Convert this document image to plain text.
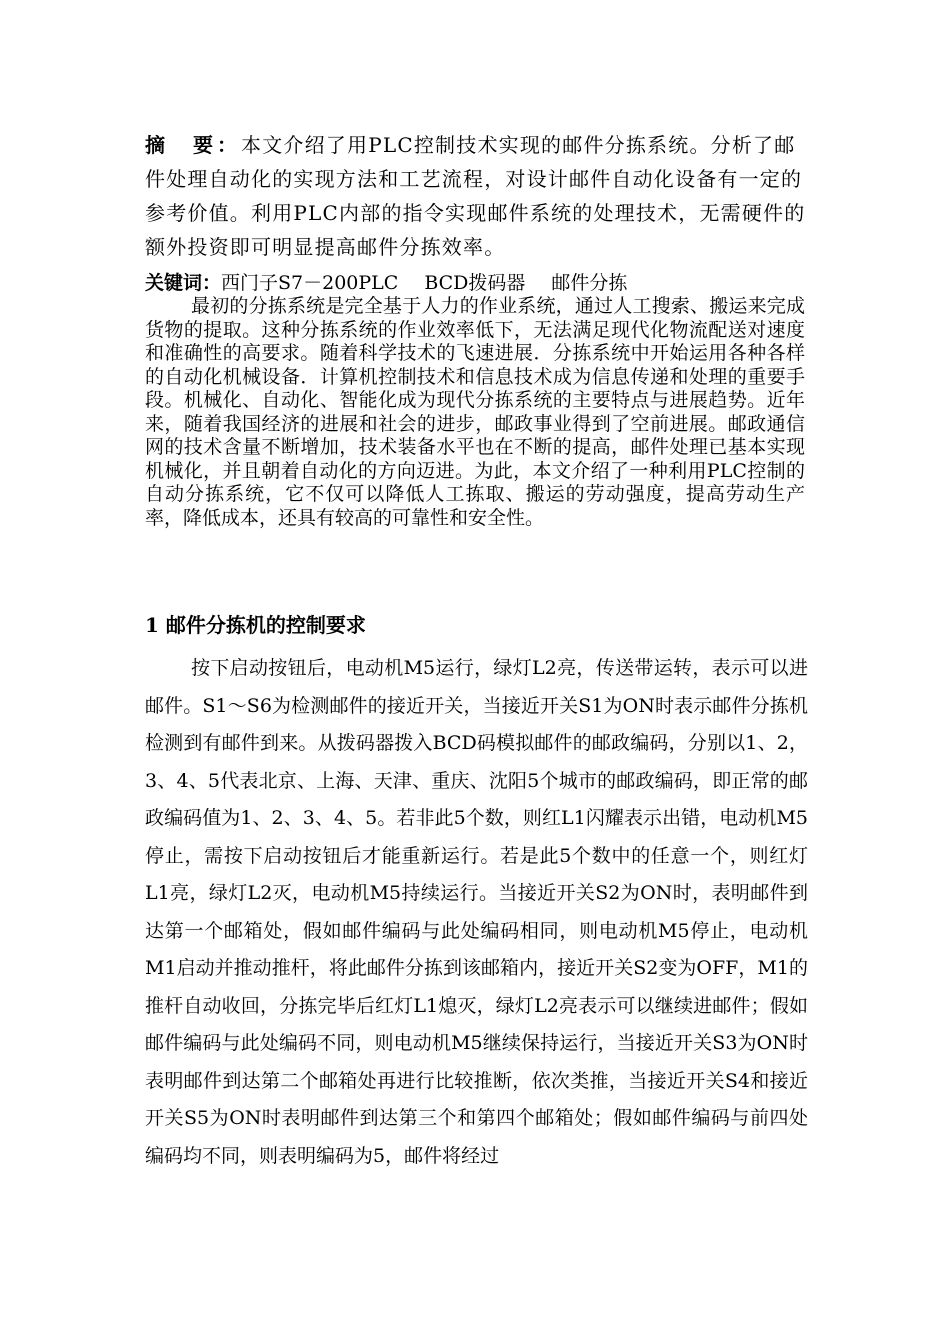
摘　要：本文介绍了用PLC控制技术实现的邮件分拣系统。分析了邮件处理自动化的实现方法和工艺流程，对设计邮件自动化设备有一定的参考价值。利用PLC内部的指令实现邮件系统的处理技术，无需硬件的额外投资即可明显提高邮件分拣效率。
关键词：西门子S7－200PLC BCD拨码器 邮件分拣

最初的分拣系统是完全基于人力的作业系统，通过人工搜索、搬运来完成货物的提取。这种分拣系统的作业效率低下，无法满足现代化物流配送对速度和准确性的高要求。随着科学技术的飞速进展．分拣系统中开始运用各种各样的自动化机械设备．计算机控制技术和信息技术成为信息传递和处理的重要手段。机械化、自动化、智能化成为现代分拣系统的主要特点与进展趋势。近年来，随着我国经济的进展和社会的进步，邮政事业得到了空前进展。邮政通信网的技术含量不断增加，技术装备水平也在不断的提高，邮件处理已基本实现机械化，并且朝着自动化的方向迈进。为此，本文介绍了一种利用PLC控制的自动分拣系统，它不仅可以降低人工拣取、搬运的劳动强度，提高劳动生产率，降低成本，还具有较高的可靠性和安全性。

1 邮件分拣机的控制要求

按下启动按钮后，电动机M5运行，绿灯L2亮，传送带运转，表示可以进邮件。S1～S6为检测邮件的接近开关，当接近开关S1为ON时表示邮件分拣机检测到有邮件到来。从拨码器拨入BCD码模拟邮件的邮政编码，分别以1、2，3、4、5代表北京、上海、天津、重庆、沈阳5个城市的邮政编码，即正常的邮政编码值为1、2、3、4、5。若非此5个数，则红L1闪耀表示出错，电动机M5停止，需按下启动按钮后才能重新运行。若是此5个数中的任意一个，则红灯L1亮，绿灯L2灭，电动机M5持续运行。当接近开关S2为ON时，表明邮件到达第一个邮箱处，假如邮件编码与此处编码相同，则电动机M5停止，电动机M1启动并推动推杆，将此邮件分拣到该邮箱内，接近开关S2变为OFF，M1的推杆自动收回，分拣完毕后红灯L1熄灭，绿灯L2亮表示可以继续进邮件；假如邮件编码与此处编码不同，则电动机M5继续保持运行，当接近开关S3为ON时表明邮件到达第二个邮箱处再进行比较推断，依次类推，当接近开关S4和接近开关S5为ON时表明邮件到达第三个和第四个邮箱处；假如邮件编码与前四处编码均不同，则表明编码为5，邮件将经过
